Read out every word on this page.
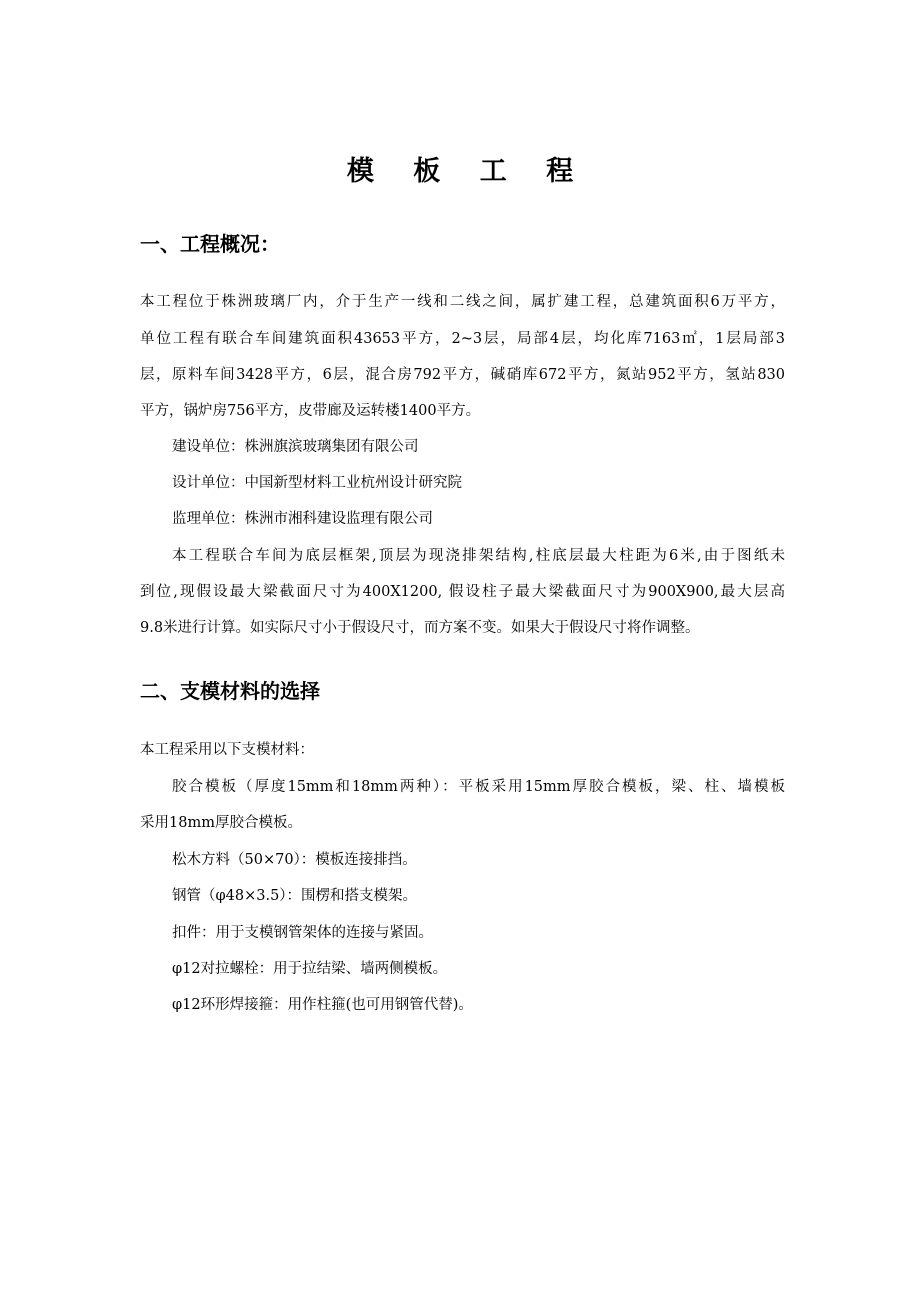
模 板 工 程
一、工程概况：
本工程位于株洲玻璃厂内，介于生产一线和二线之间，属扩建工程，总建筑面积6万平方，
单位工程有联合车间建筑面积43653平方，2~3层，局部4层，均化库7163㎡，1层局部3
层，原料车间3428平方，6层，混合房792平方，碱硝库672平方，氮站952平方，氢站830
平方，锅炉房756平方，皮带廊及运转楼1400平方。
建设单位：株洲旗滨玻璃集团有限公司
设计单位：中国新型材料工业杭州设计研究院
监理单位：株洲市湘科建设监理有限公司
本工程联合车间为底层框架,顶层为现浇排架结构,柱底层最大柱距为6米,由于图纸未
到位,现假设最大梁截面尺寸为400X1200, 假设柱子最大梁截面尺寸为900X900,最大层高
9.8米进行计算。如实际尺寸小于假设尺寸，而方案不变。如果大于假设尺寸将作调整。
二、支模材料的选择
本工程采用以下支模材料：
胶合模板（厚度15mm和18mm两种）：平板采用15mm厚胶合模板，梁、柱、墙模板
采用18mm厚胶合模板。
松木方料（50×70）：模板连接排挡。
钢管（φ48×3.5）：围楞和搭支模架。
扣件：用于支模钢管架体的连接与紧固。
φ12对拉螺栓：用于拉结梁、墙两侧模板。
φ12环形焊接箍：用作柱箍(也可用钢管代替)。
